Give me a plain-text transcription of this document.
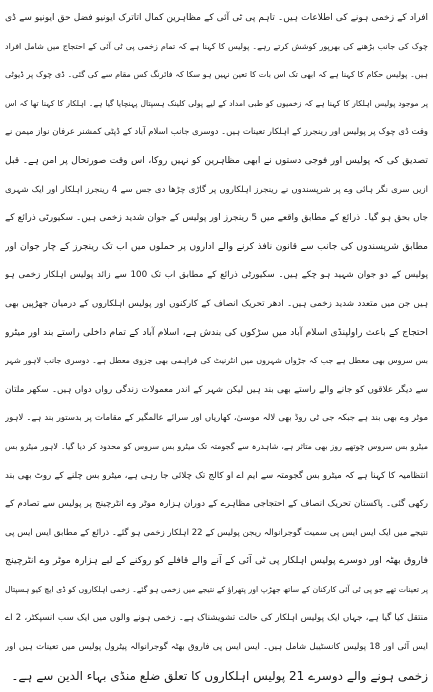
افراد کے زخمی ہونے کی اطلاعات ہیں۔ تاہم پی ٹی آئی کے مظاہرین کمال اتاترک ایونیو فضل حق ایونیو سے ڈی
چوک کی جانب بڑھنے کی بھرپور کوشش کرتے رہے۔ پولیس کا کہنا ہے کہ تمام زخمی پی ٹی آئی کے احتجاج میں شامل افراد
ہیں۔ پولیس حکام کا کہنا ہے کہ ابھی تک اس بات کا تعین نہیں ہو سکا کہ فائرنگ کس مقام سے کی گئی۔ ڈی چوک پر ڈیوٹی
پر موجود پولیس اہلکار کا کہنا ہے کہ زخمیوں کو طبی امداد کے لیے پولی کلینک ہسپتال پہنچایا گیا ہے۔ اہلکار کا کہنا تھا کہ اس
وقت ڈی چوک پر پولیس اور رینجرز کے اہلکار تعینات ہیں۔ دوسری جانب اسلام آباد کے ڈپٹی کمشنر عرفان نواز میمن نے
تصدیق کی کہ پولیس اور فوجی دستوں نے ابھی مظاہرین کو نہیں روکا، اس وقت صورتحال پر امن ہے۔ قبل
ازیں سری نگر ہائی وے پر شرپسندوں نے رینجرز اہلکاروں پر گاڑی چڑھا دی جس سے 4 رینجرز اہلکار اور ایک شہری
جاں بحق ہو گیا۔ ذرائع کے مطابق واقعے میں 5 رینجرز اور پولیس کے جوان شدید زخمی ہیں۔ سکیورٹی ذرائع کے
مطابق شرپسندوں کی جانب سے قانون نافذ کرنے والے اداروں پر حملوں میں اب تک رینجرز کے چار جوان اور
پولیس کے دو جوان شہید ہو چکے ہیں۔ سکیورٹی ذرائع کے مطابق اب تک 100 سے زائد پولیس اہلکار زخمی ہو
ہیں جن میں متعدد شدید زخمی ہیں۔ ادھر تحریک انصاف کے کارکنوں اور پولیس اہلکاروں کے درمیان جھڑپیں بھی
احتجاج کے باعث راولپنڈی اسلام آباد میں سڑکوں کی بندش ہے، اسلام آباد کے تمام داخلی راستے بند اور میٹرو
بس سروس بھی معطل ہے جب کہ جڑواں شہروں میں انٹرنیٹ کی فراہمی بھی جزوی معطل ہے۔ دوسری جانب لاہور شہر
سے دیگر علاقوں کو جانے والے راستے بھی بند ہیں لیکن شہر کے اندر معمولات زندگی رواں دواں ہیں۔ سکھر ملتان
موٹر وے بھی بند ہے جبکہ جی ٹی روڈ بھی لالہ موسیٰ، کھاریاں اور سرائے عالمگیر کے مقامات پر بدستور بند ہے۔ لاہور
میٹرو بس سروس چوتھے روز بھی متاثر ہے، شاہدرہ سے گجومتہ تک میٹرو بس سروس کو محدود کر دیا گیا۔ لاہور میٹرو بس
انتظامیہ کا کہنا ہے کہ میٹرو بس گجومتہ سے ایم اے او کالج تک چلائی جا رہی ہے، میٹرو بس چلنے کے روٹ بھی بند
رکھی گئی۔ پاکستان تحریک انصاف کے احتجاجی مظاہرے کے دوران ہزارہ موٹر وے انٹرچینج پر پولیس سے تصادم کے
نتیجے میں ایک ایس ایس پی سمیت گوجرانوالہ ریجن پولیس کے 22 اہلکار زخمی ہو گئے۔ ذرائع کے مطابق ایس ایس پی
فاروق بھٹہ اور دوسرے پولیس اہلکار پی ٹی آئی کے آنے والے قافلے کو روکنے کے لیے ہزارہ موٹر وے انٹرچینج
پر تعینات تھے جو پی ٹی آئی کارکنان کے ساتھ جھڑپ اور پتھراؤ کے نتیجے میں زخمی ہو گئے۔ زخمی اہلکاروں کو ڈی ایچ کیو ہسپتال
منتقل کیا گیا ہے، جہاں ایک پولیس اہلکار کی حالت تشویشناک ہے۔ زخمی ہونے والوں میں ایک سب انسپکٹر، 2 اے
ایس آئی اور 18 پولیس کانسٹیبل شامل ہیں۔ ایس ایس پی فاروق بھٹہ گوجرانوالہ پیٹرول پولیس میں تعینات ہیں اور
زخمی ہونے والے دوسرے 21 پولیس اہلکاروں کا تعلق ضلع منڈی بہاء الدین سے ہے۔
